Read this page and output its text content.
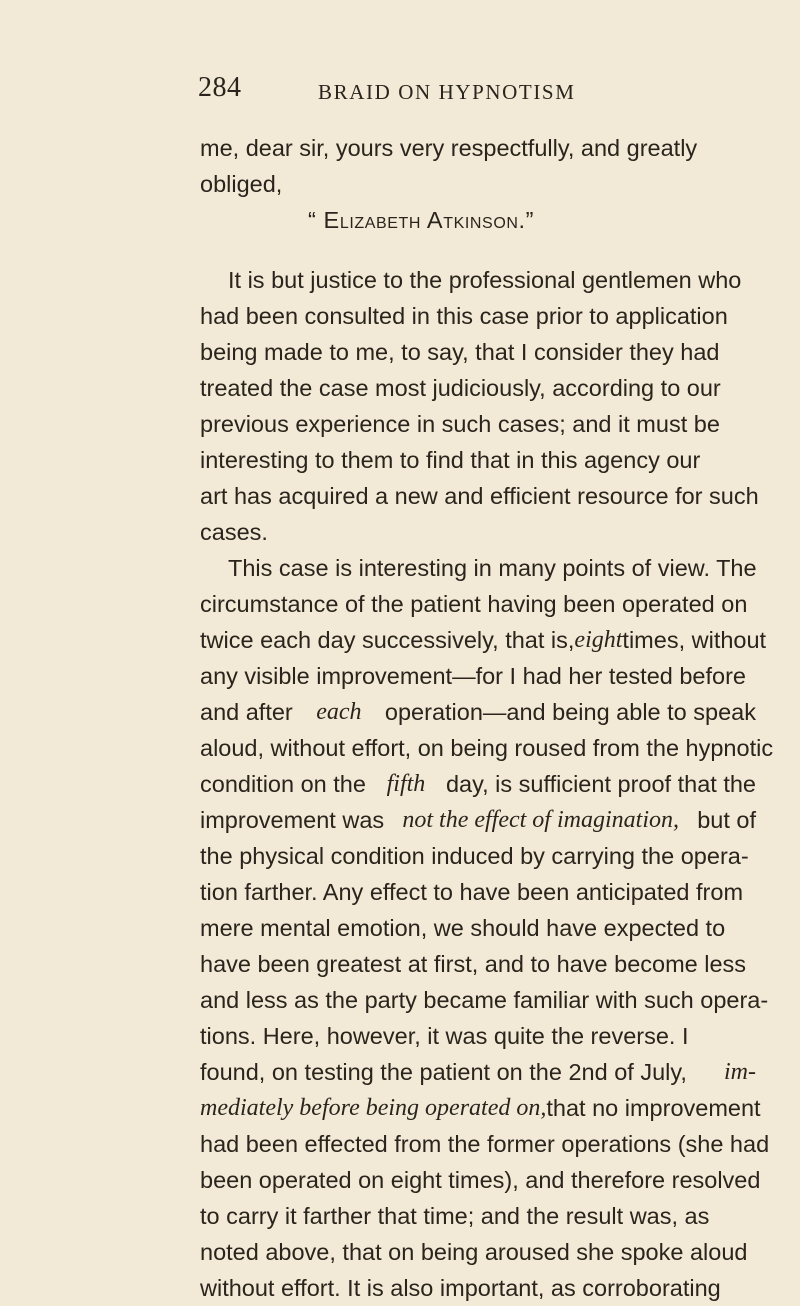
284	BRAID ON HYPNOTISM
me, dear sir, yours very respectfully, and greatly
obliged,
“ Elizabeth Atkinson.”
It is but justice to the professional gentlemen who
had been consulted in this case prior to application
being made to me, to say, that I consider they had
treated the case most judiciously, according to our
previous experience in such cases; and it must be
interesting to them to find that in this agency our
art has acquired a new and efficient resource for such
cases.
This case is interesting in many points of view. The
circumstance of the patient having been operated on
twice each day successively, that is, eight times, without
any visible improvement—for I had her tested before
and after each operation—and being able to speak
aloud, without effort, on being roused from the hypnotic
condition on the fifth day, is sufficient proof that the
improvement was not the effect of imagination, but of
the physical condition induced by carrying the opera-
tion farther. Any effect to have been anticipated from
mere mental emotion, we should have expected to
have been greatest at first, and to have become less
and less as the party became familiar with such opera-
tions. Here, however, it was quite the reverse. I
found, on testing the patient on the 2nd of July, im-
mediately before being operated on, that no improvement
had been effected from the former operations (she had
been operated on eight times), and therefore resolved
to carry it farther that time; and the result was, as
noted above, that on being aroused she spoke aloud
without effort. It is also important, as corroborating
